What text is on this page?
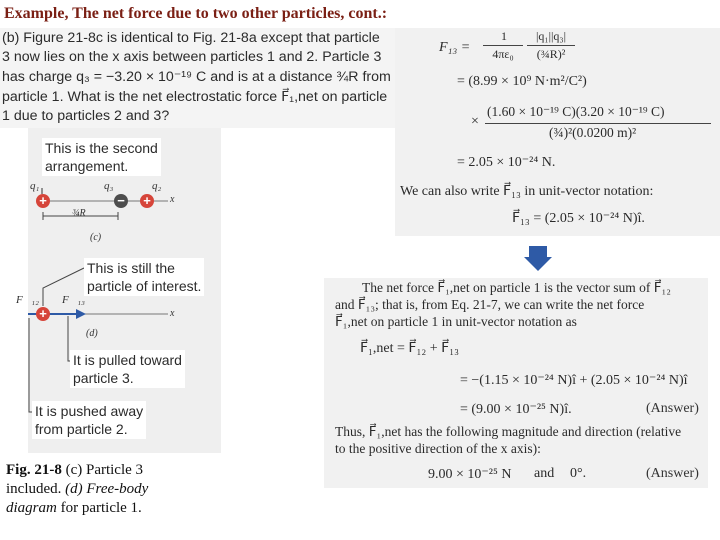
Example, The net force due to two other particles, cont.:
(b) Figure 21-8c is identical to Fig. 21-8a except that particle
3 now lies on the x axis between particles 1 and 2. Particle 3
has charge q₃ = −3.20 × 10⁻¹⁹ C and is at a distance ¾R from
particle 1. What is the net electrostatic force F⃗₁,net on particle
1 due to particles 2 and 3?
This is the second
arrangement.
q₁	q₃	q₂
+	− +	x
¾R
(c)
This is still the
particle of interest.
F⃗₁₂ F⃗₁₃
+	x
(d)
It is pulled toward
particle 3.
It is pushed away
from particle 2.
Fig. 21-8 (c) Particle 3
included. (d) Free-body
diagram for particle 1.
F₁₃ =
1
4πε₀
|q₁||q₃|
(¾R)²
= (8.99 × 10⁹ N·m²/C²)
(1.60 × 10⁻¹⁹ C)(3.20 × 10⁻¹⁹ C)
×
(¾)²(0.0200 m)²
= 2.05 × 10⁻²⁴ N.
We can also write F⃗₁₃ in unit-vector notation:
F⃗₁₃ = (2.05 × 10⁻²⁴ N)î.
The net force F⃗₁,net on particle 1 is the vector sum of F⃗₁₂
and F⃗₁₃; that is, from Eq. 21-7, we can write the net force
F⃗₁,net on particle 1 in unit-vector notation as
F⃗₁,net = F⃗₁₂ + F⃗₁₃
= −(1.15 × 10⁻²⁴ N)î + (2.05 × 10⁻²⁴ N)î
= (9.00 × 10⁻²⁵ N)î.	(Answer)
Thus, F⃗₁,net has the following magnitude and direction (relative
to the positive direction of the x axis):
9.00 × 10⁻²⁵ N and 0°.	(Answer)
